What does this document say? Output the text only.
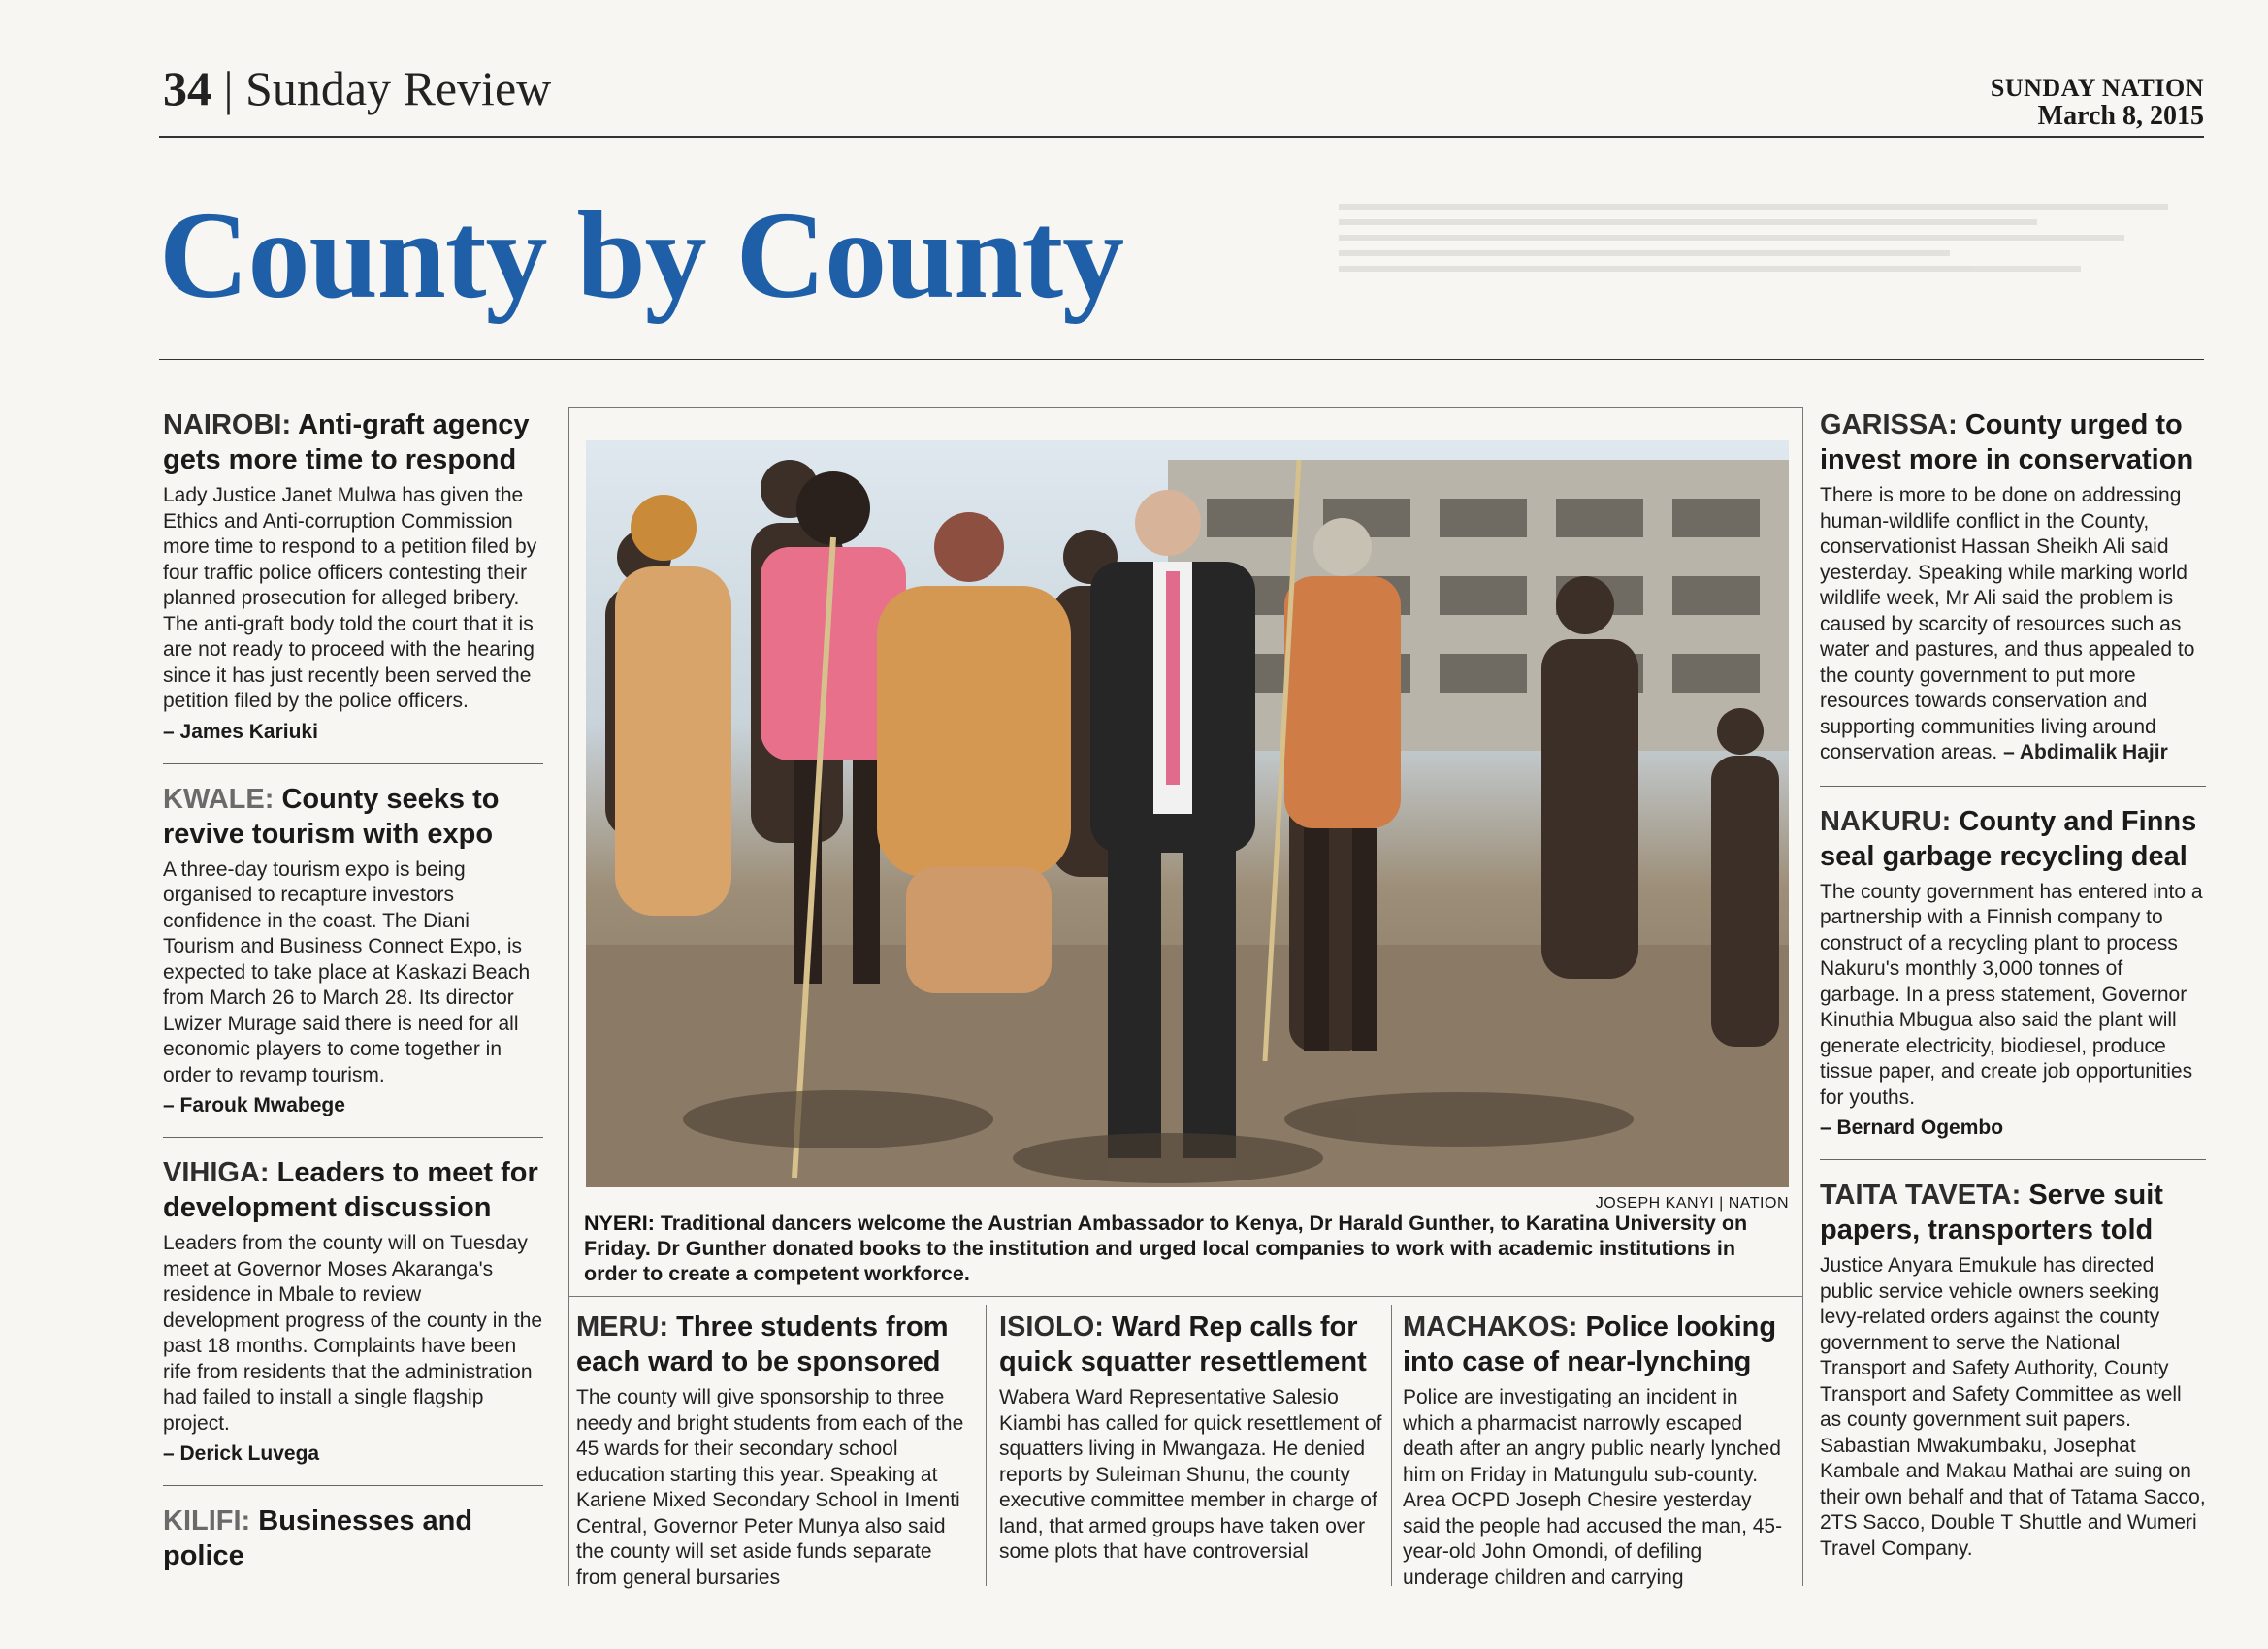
34 | Sunday Review	SUNDAY NATION
March 8, 2015
County by County
NAIROBI: Anti-graft agency gets more time to respond
Lady Justice Janet Mulwa has given the Ethics and Anti-corruption Commission more time to respond to a petition filed by four traffic police officers contesting their planned prosecution for alleged bribery. The anti-graft body told the court that it is are not ready to proceed with the hearing since it has just recently been served the petition filed by the police officers.
– James Kariuki
KWALE: County seeks to revive tourism with expo
A three-day tourism expo is being organised to recapture investors confidence in the coast. The Diani Tourism and Business Connect Expo, is expected to take place at Kaskazi Beach from March 26 to March 28. Its director Lwizer Murage said there is need for all economic players to come together in order to revamp tourism.
– Farouk Mwabege
VIHIGA: Leaders to meet for development discussion
Leaders from the county will on Tuesday meet at Governor Moses Akaranga's residence in Mbale to review development progress of the county in the past 18 months. Complaints have been rife from residents that the administration had failed to install a single flagship project.
– Derick Luvega
KILIFI: Businesses and police
JOSEPH KANYI | NATION
NYERI: Traditional dancers welcome the Austrian Ambassador to Kenya, Dr Harald Gunther, to Karatina University on Friday. Dr Gunther donated books to the institution and urged local companies to work with academic institutions in order to create a competent workforce.
MERU: Three students from each ward to be sponsored
The county will give sponsorship to three needy and bright students from each of the 45 wards for their secondary school education starting this year. Speaking at Kariene Mixed Secondary School in Imenti Central, Governor Peter Munya also said the county will set aside funds separate from general bursaries
ISIOLO: Ward Rep calls for quick squatter resettlement
Wabera Ward Representative Salesio Kiambi has called for quick resettlement of squatters living in Mwangaza. He denied reports by Suleiman Shunu, the county executive committee member in charge of land, that armed groups have taken over some plots that have controversial
MACHAKOS: Police looking into case of near-lynching
Police are investigating an incident in which a pharmacist narrowly escaped death after an angry public nearly lynched him on Friday in Matungulu sub-county. Area OCPD Joseph Chesire yesterday said the people had accused the man, 45-year-old John Omondi, of defiling underage children and carrying
GARISSA: County urged to invest more in conservation
There is more to be done on addressing human-wildlife conflict in the County, conservationist Hassan Sheikh Ali said yesterday. Speaking while marking world wildlife week, Mr Ali said the problem is caused by scarcity of resources such as water and pastures, and thus appealed to the county government to put more resources towards conservation and supporting communities living around conservation areas. – Abdimalik Hajir
NAKURU: County and Finns seal garbage recycling deal
The county government has entered into a partnership with a Finnish company to construct of a recycling plant to process Nakuru's monthly 3,000 tonnes of garbage. In a press statement, Governor Kinuthia Mbugua also said the plant will generate electricity, biodiesel, produce tissue paper, and create job opportunities for youths.
– Bernard Ogembo
TAITA TAVETA: Serve suit papers, transporters told
Justice Anyara Emukule has directed public service vehicle owners seeking levy-related orders against the county government to serve the National Transport and Safety Authority, County Transport and Safety Committee as well as county government suit papers. Sabastian Mwakumbaku, Josephat Kambale and Makau Mathai are suing on their own behalf and that of Tatama Sacco, 2TS Sacco, Double T Shuttle and Wumeri Travel Company.
